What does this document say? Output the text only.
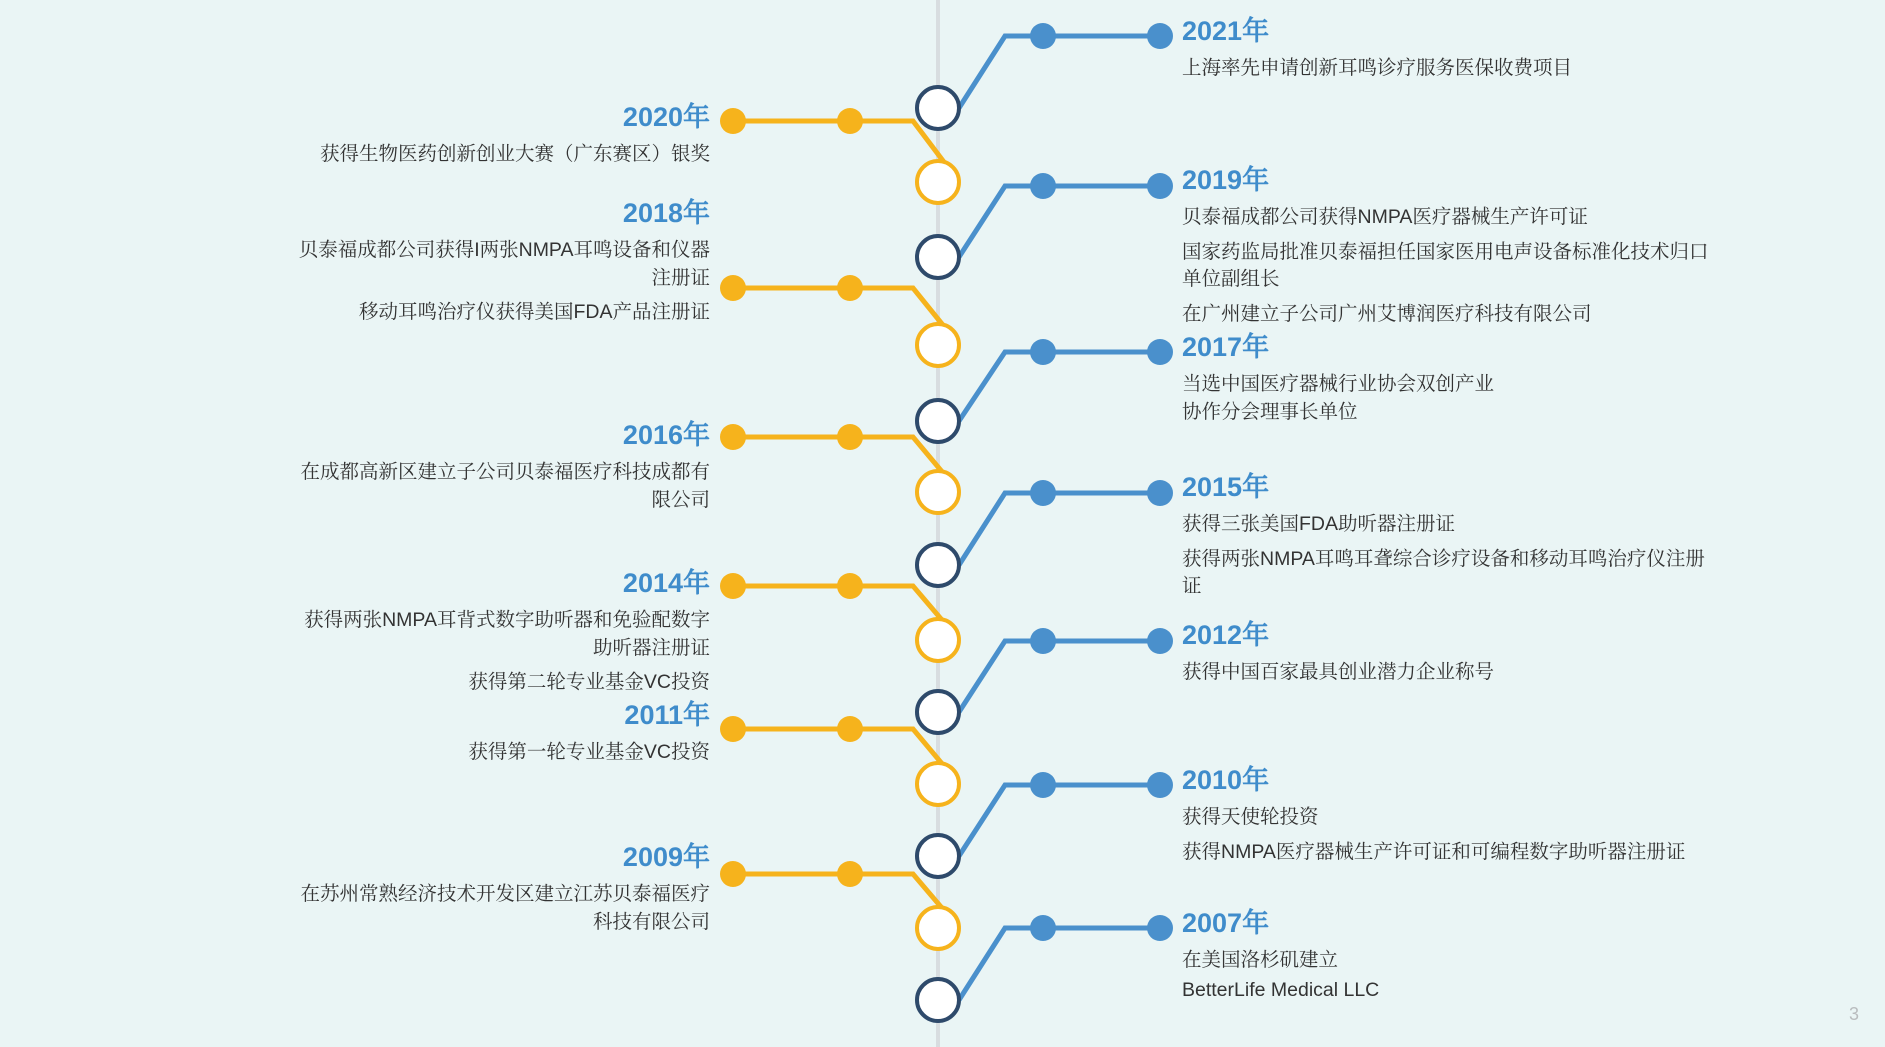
2021年
上海率先申请创新耳鸣诊疗服务医保收费项目
2019年
贝泰福成都公司获得NMPA医疗器械生产许可证
国家药监局批准贝泰福担任国家医用电声设备标准化技术归口单位副组长
在广州建立子公司广州艾博润医疗科技有限公司
2017年
当选中国医疗器械行业协会双创产业协作分会理事长单位
2015年
获得三张美国FDA助听器注册证
获得两张NMPA耳鸣耳聋综合诊疗设备和移动耳鸣治疗仪注册证
2012年
获得中国百家最具创业潜力企业称号
2010年
获得天使轮投资
获得NMPA医疗器械生产许可证和可编程数字助听器注册证
2007年
在美国洛杉矶建立
BetterLife Medical LLC
2020年
获得生物医药创新创业大赛（广东赛区）银奖
2018年
贝泰福成都公司获得I两张NMPA耳鸣设备和仪器注册证
移动耳鸣治疗仪获得美国FDA产品注册证
2016年
在成都高新区建立子公司贝泰福医疗科技成都有限公司
2014年
获得两张NMPA耳背式数字助听器和免验配数字助听器注册证
获得第二轮专业基金VC投资
2011年
获得第一轮专业基金VC投资
2009年
在苏州常熟经济技术开发区建立江苏贝泰福医疗科技有限公司
3
